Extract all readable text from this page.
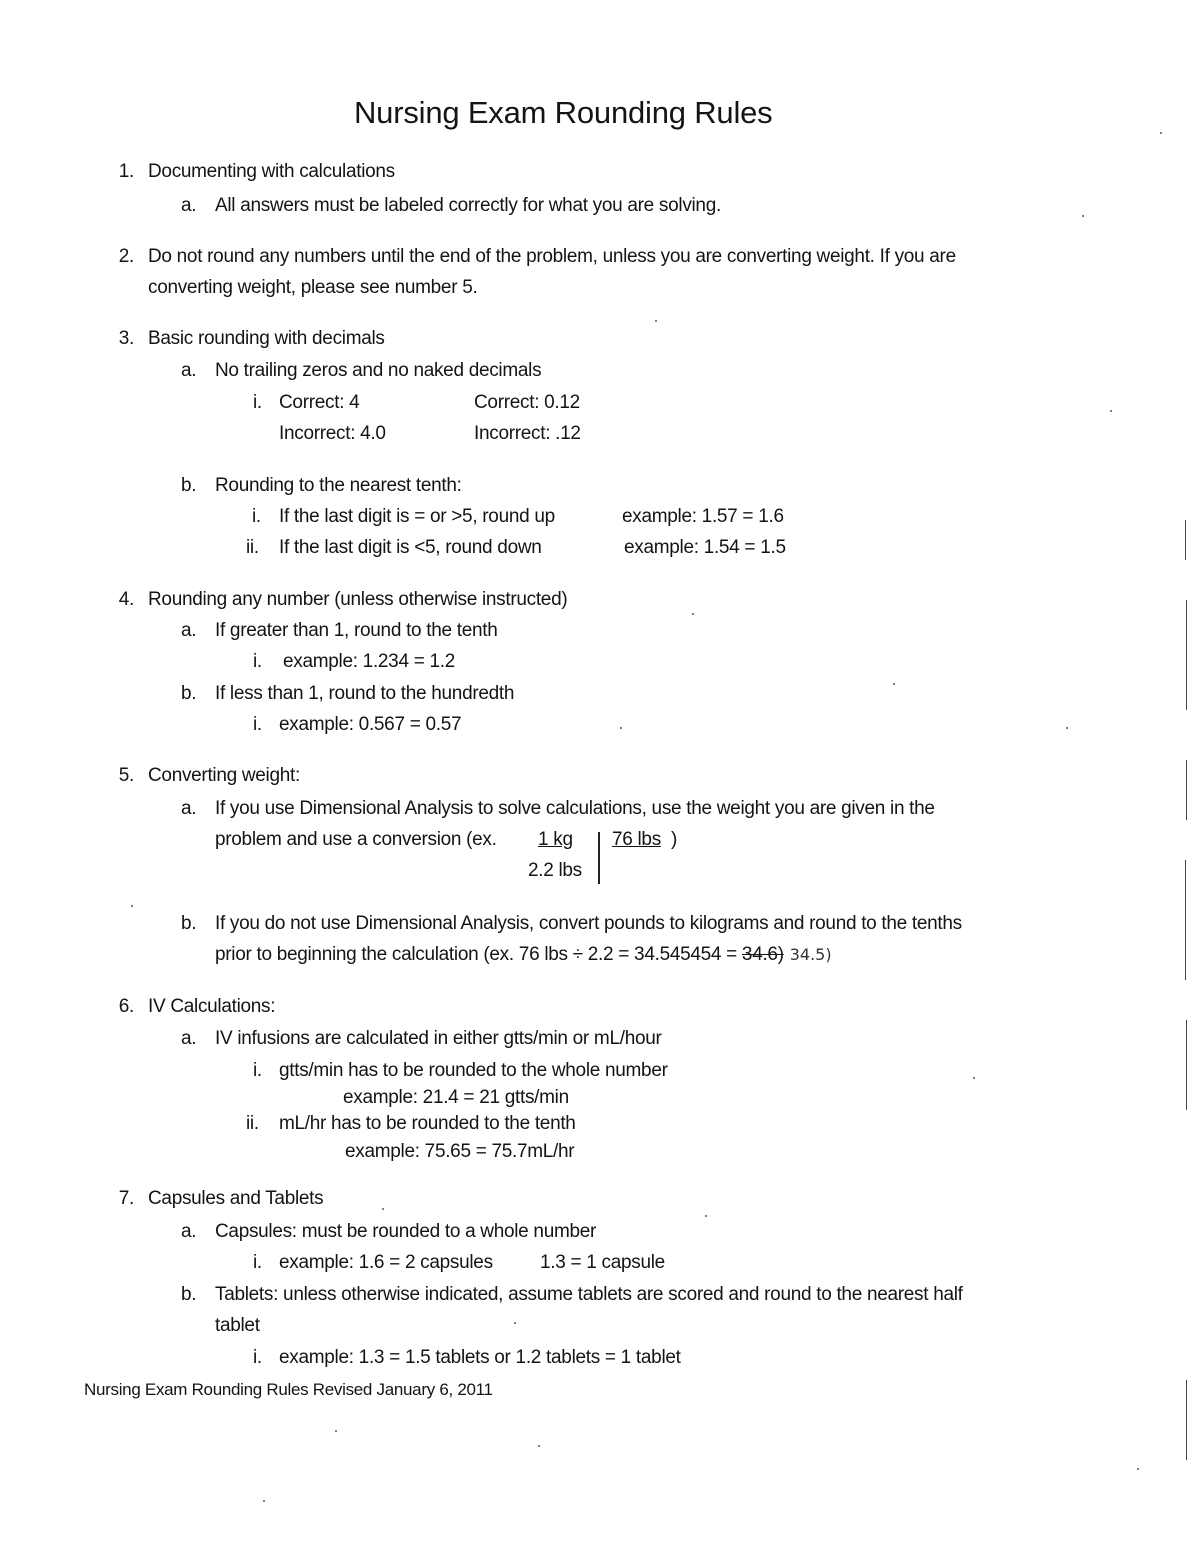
Nursing Exam Rounding Rules
1. Documenting with calculations
a. All answers must be labeled correctly for what you are solving.
2. Do not round any numbers until the end of the problem, unless you are converting weight. If you are
converting weight, please see number 5.
3. Basic rounding with decimals
a. No trailing zeros and no naked decimals
i. Correct: 4	Correct: 0.12
Incorrect: 4.0	Incorrect: .12
b. Rounding to the nearest tenth:
i. If the last digit is = or >5, round up	example: 1.57 = 1.6
ii. If the last digit is <5, round down	example: 1.54 = 1.5
4. Rounding any number (unless otherwise instructed)
a. If greater than 1, round to the tenth
i. example: 1.234 = 1.2
b. If less than 1, round to the hundredth
i. example: 0.567 = 0.57
5. Converting weight:
a. If you use Dimensional Analysis to solve calculations, use the weight you are given in the
problem and use a conversion (ex. 1 kg 76 lbs )
2.2 lbs
b. If you do not use Dimensional Analysis, convert pounds to kilograms and round to the tenths
prior to beginning the calculation (ex. 76 lbs ÷ 2.2 = 34.545454 = 34.6) 34.5)
6. IV Calculations:
a. IV infusions are calculated in either gtts/min or mL/hour
i. gtts/min has to be rounded to the whole number
example: 21.4 = 21 gtts/min
ii. mL/hr has to be rounded to the tenth
example: 75.65 = 75.7mL/hr
7. Capsules and Tablets
a. Capsules: must be rounded to a whole number
i. example: 1.6 = 2 capsules 1.3 = 1 capsule
b. Tablets: unless otherwise indicated, assume tablets are scored and round to the nearest half
tablet
i. example: 1.3 = 1.5 tablets or 1.2 tablets = 1 tablet
Nursing Exam Rounding Rules Revised January 6, 2011
